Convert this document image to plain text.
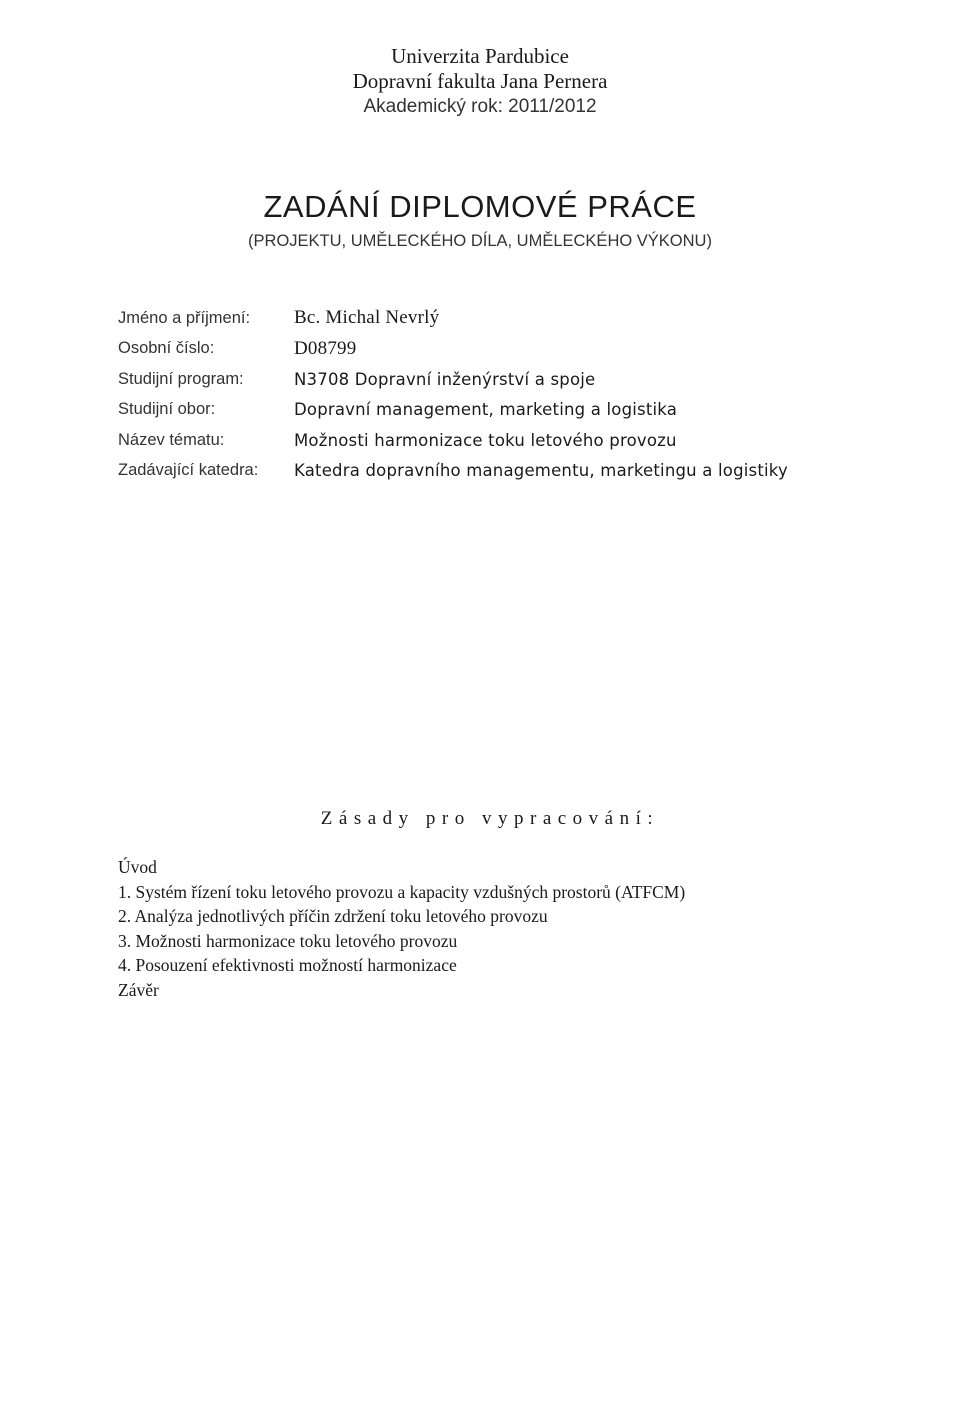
Univerzita Pardubice
Dopravní fakulta Jana Pernera
Akademický rok: 2011/2012
ZADÁNÍ DIPLOMOVÉ PRÁCE
(PROJEKTU, UMĚLECKÉHO DÍLA, UMĚLECKÉHO VÝKONU)
Jméno a příjmení:	Bc. Michal Nevrlý
Osobní číslo:	D08799
Studijní program:	N3708 Dopravní inženýrství a spoje
Studijní obor:	Dopravní management, marketing a logistika
Název tématu:	Možnosti harmonizace toku letového provozu
Zadávající katedra:	Katedra dopravního managementu, marketingu a logistiky
Zásady pro vypracování:
Úvod
1. Systém řízení toku letového provozu a kapacity vzdušných prostorů (ATFCM)
2. Analýza jednotlivých příčin zdržení toku letového provozu
3. Možnosti harmonizace toku letového provozu
4. Posouzení efektivnosti možností harmonizace
Závěr
